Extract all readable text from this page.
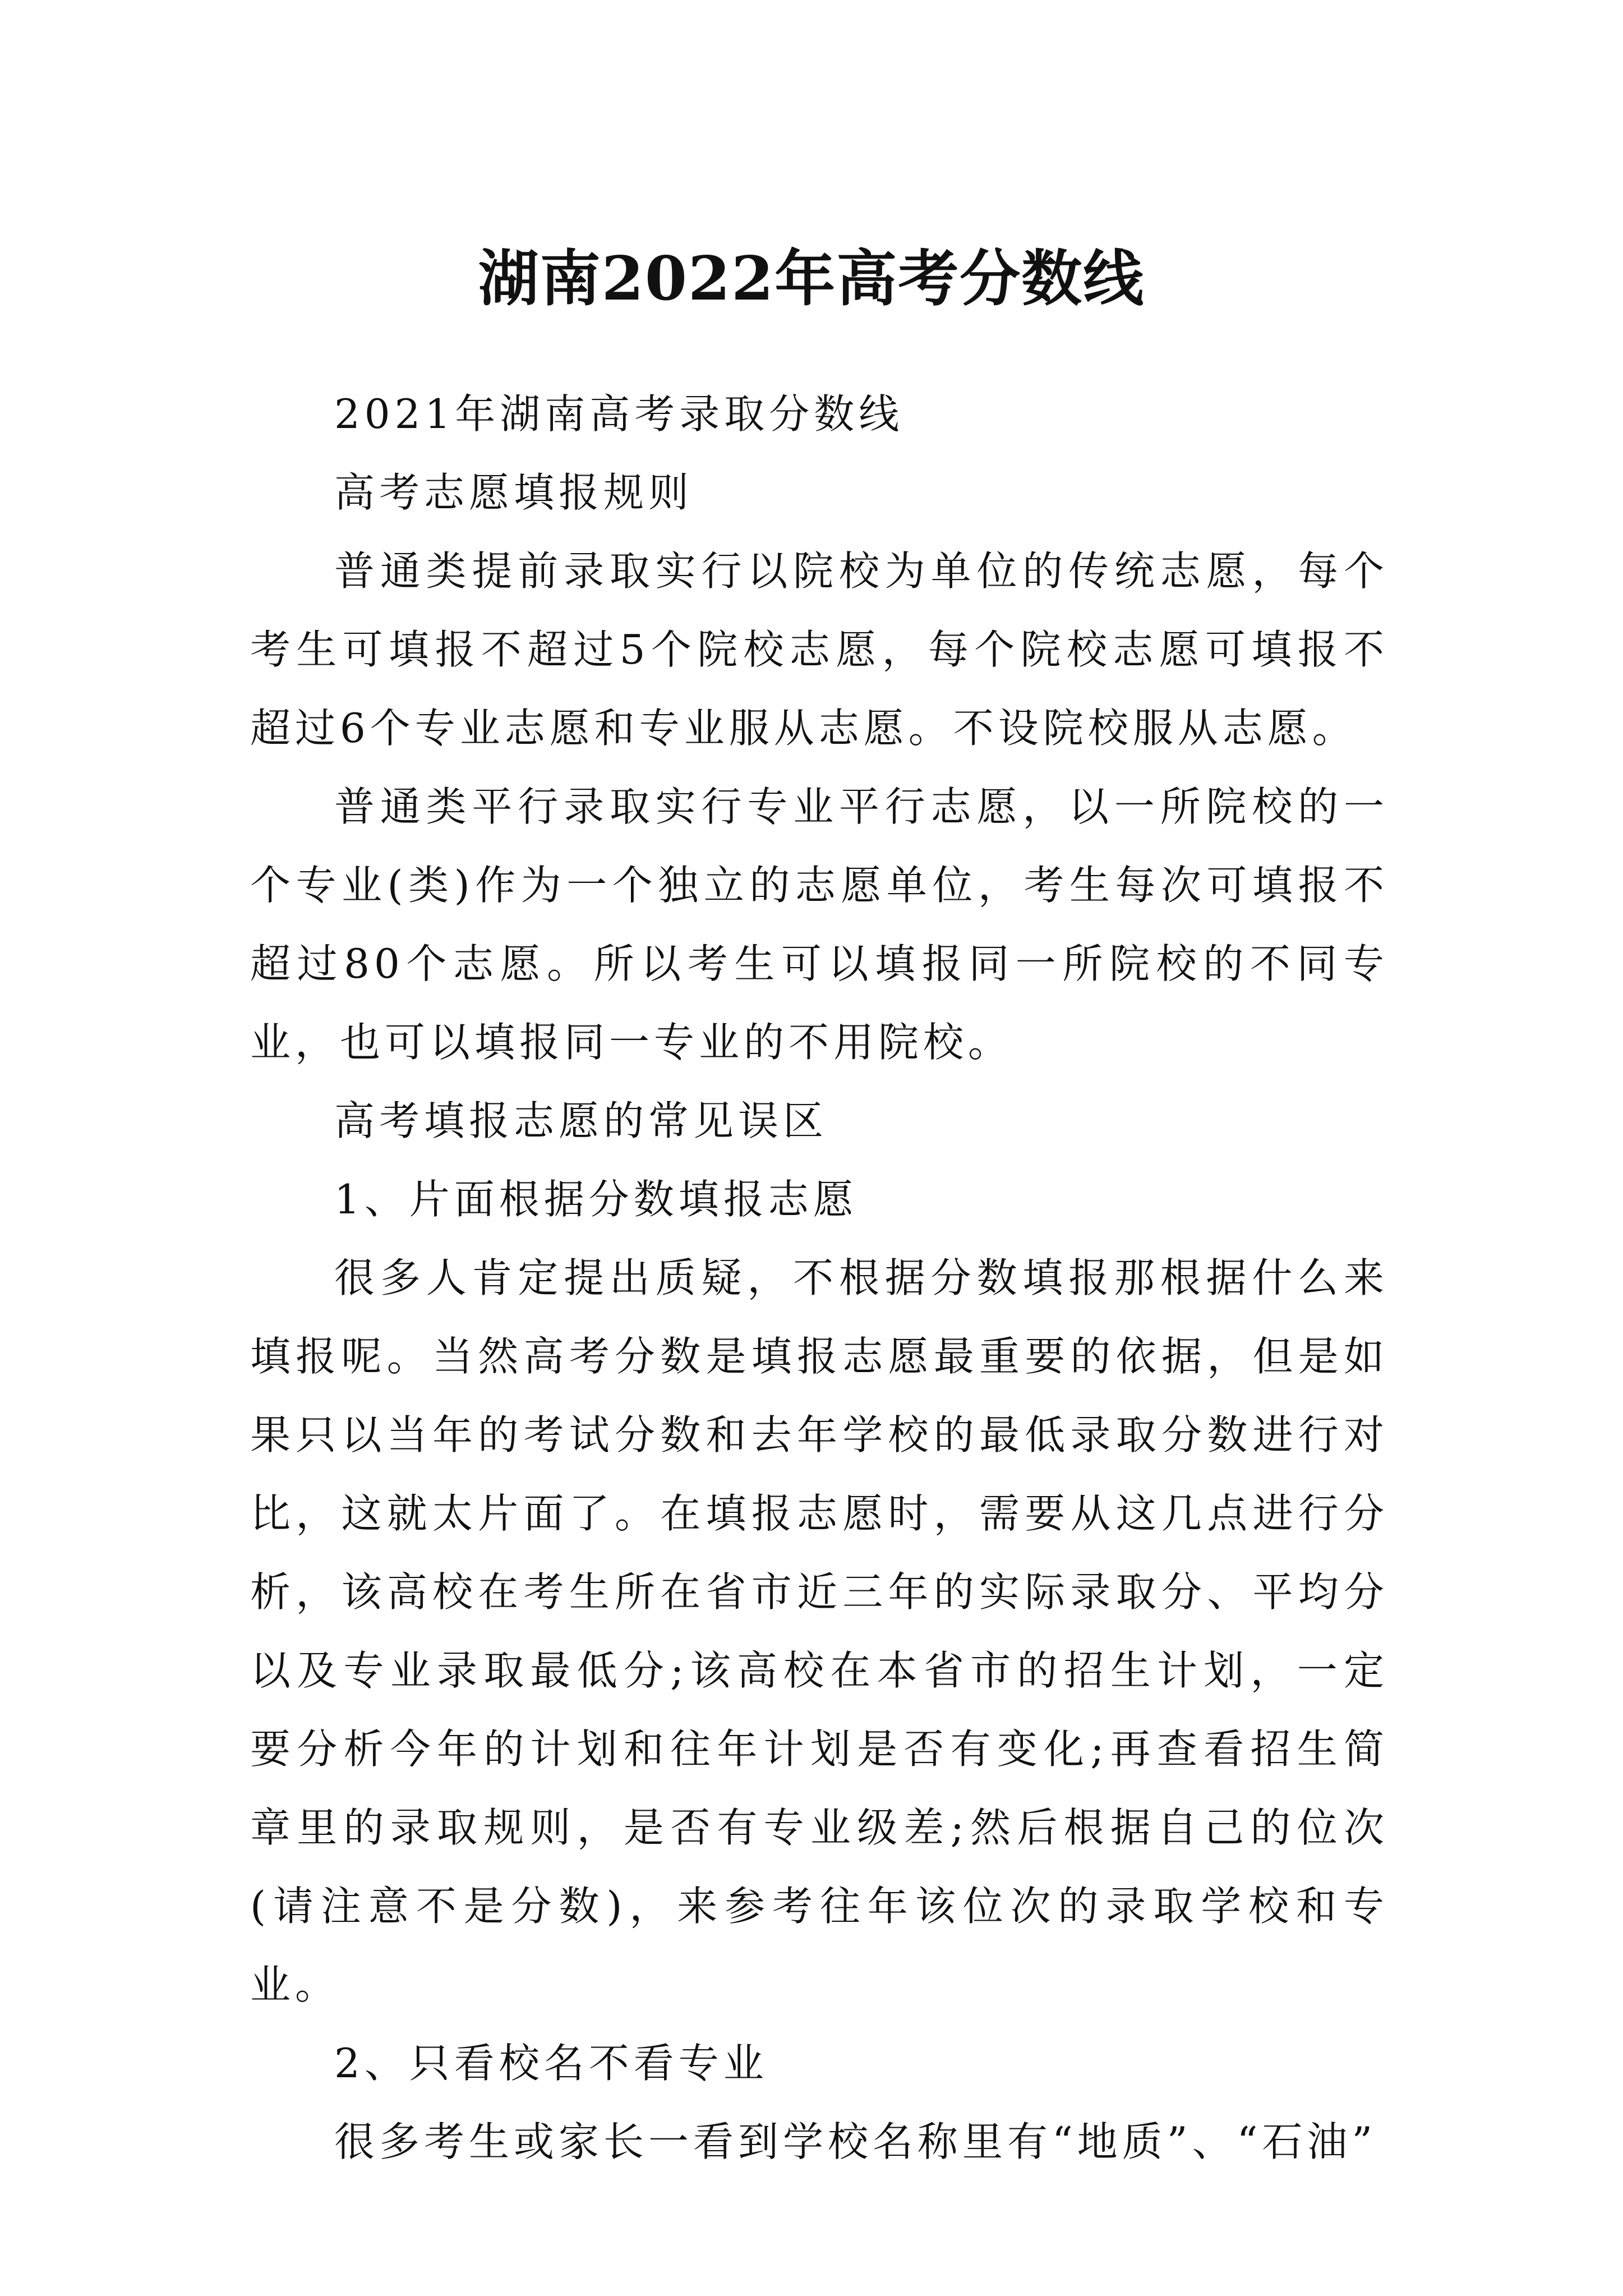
湖南2022年高考分数线

2021年湖南高考录取分数线

高考志愿填报规则

普通类提前录取实行以院校为单位的传统志愿，每个考生可填报不超过5个院校志愿，每个院校志愿可填报不超过6个专业志愿和专业服从志愿。不设院校服从志愿。

普通类平行录取实行专业平行志愿，以一所院校的一个专业(类)作为一个独立的志愿单位，考生每次可填报不超过80个志愿。所以考生可以填报同一所院校的不同专业，也可以填报同一专业的不用院校。

高考填报志愿的常见误区

1、片面根据分数填报志愿

很多人肯定提出质疑，不根据分数填报那根据什么来填报呢。当然高考分数是填报志愿最重要的依据，但是如果只以当年的考试分数和去年学校的最低录取分数进行对比，这就太片面了。在填报志愿时，需要从这几点进行分析，该高校在考生所在省市近三年的实际录取分、平均分以及专业录取最低分;该高校在本省市的招生计划，一定要分析今年的计划和往年计划是否有变化;再查看招生简章里的录取规则，是否有专业级差;然后根据自己的位次(请注意不是分数)，来参考往年该位次的录取学校和专业。

2、只看校名不看专业

很多考生或家长一看到学校名称里有“地质”、“石油”
